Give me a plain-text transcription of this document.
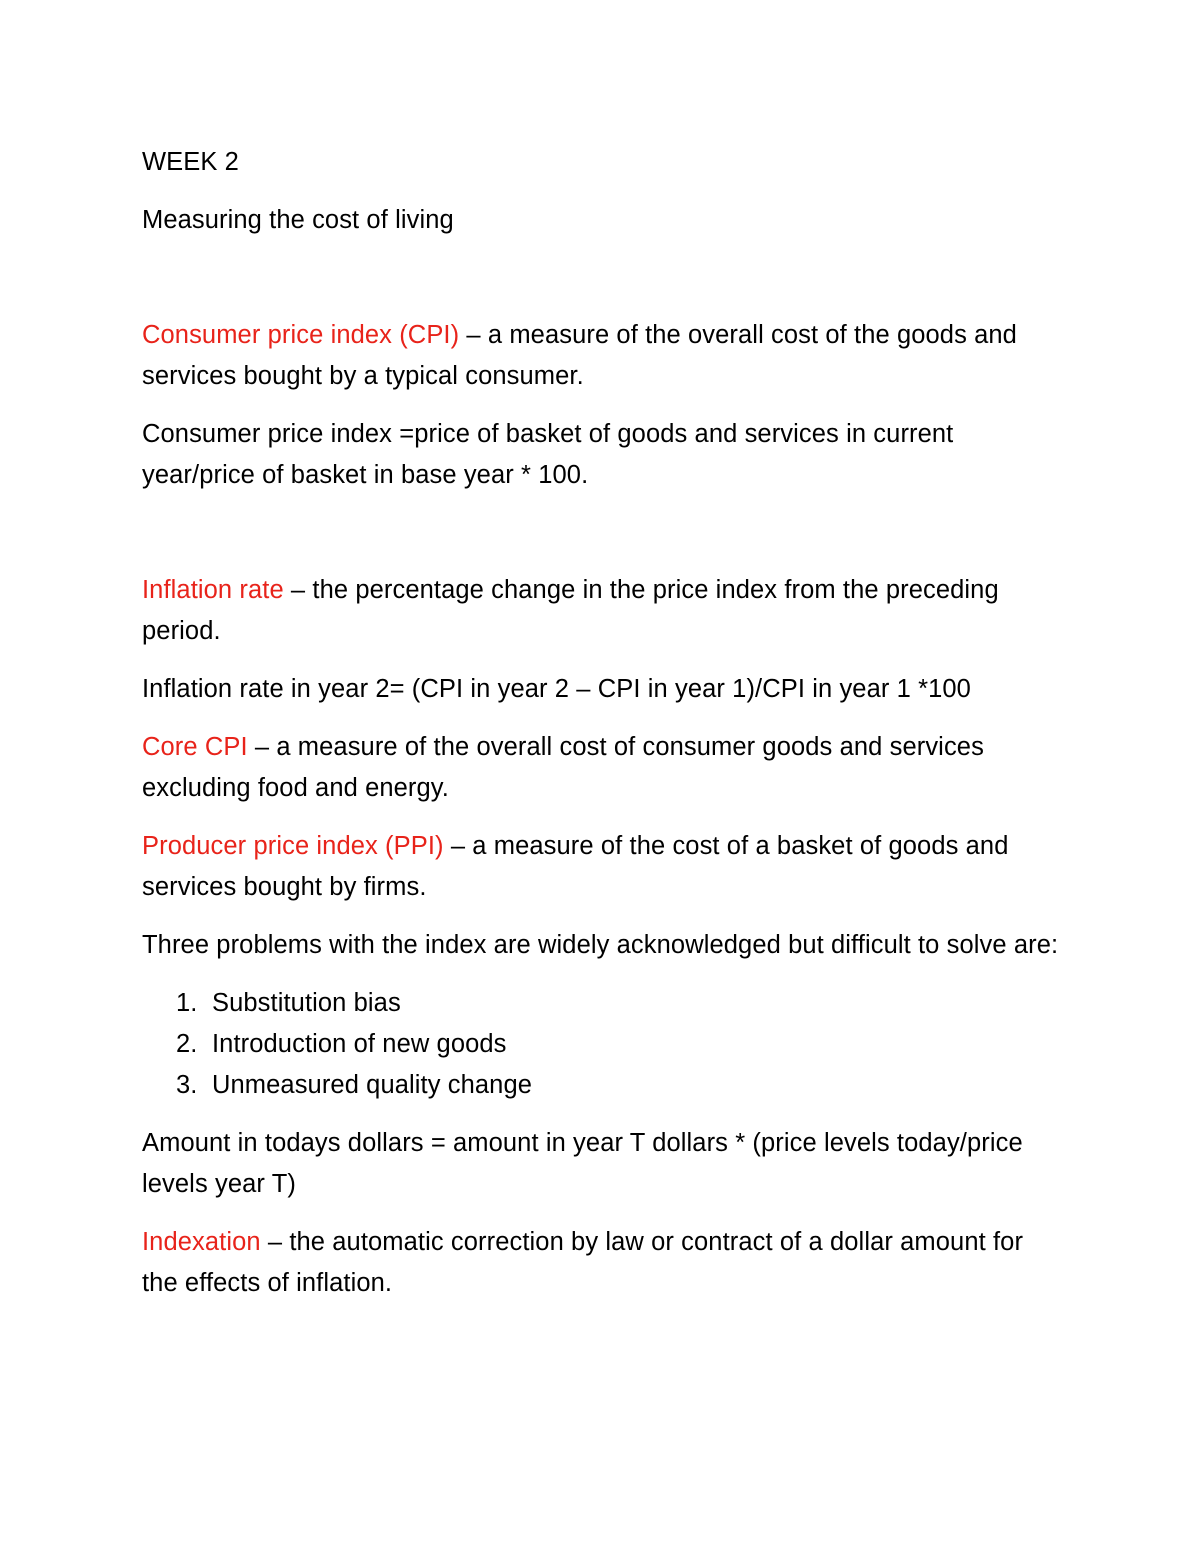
WEEK 2

Measuring the cost of living

Consumer price index (CPI) – a measure of the overall cost of the goods and services bought by a typical consumer.

Consumer price index =price of basket of goods and services in current year/price of basket in base year * 100.

Inflation rate – the percentage change in the price index from the preceding period.

Inflation rate in year 2= (CPI in year 2 – CPI in year 1)/CPI in year 1 *100

Core CPI – a measure of the overall cost of consumer goods and services excluding food and energy.

Producer price index (PPI) – a measure of the cost of a basket of goods and services bought by firms.

Three problems with the index are widely acknowledged but difficult to solve are:

1. Substitution bias
2. Introduction of new goods
3. Unmeasured quality change

Amount in todays dollars = amount in year T dollars * (price levels today/price levels year T)

Indexation – the automatic correction by law or contract of a dollar amount for the effects of inflation.
